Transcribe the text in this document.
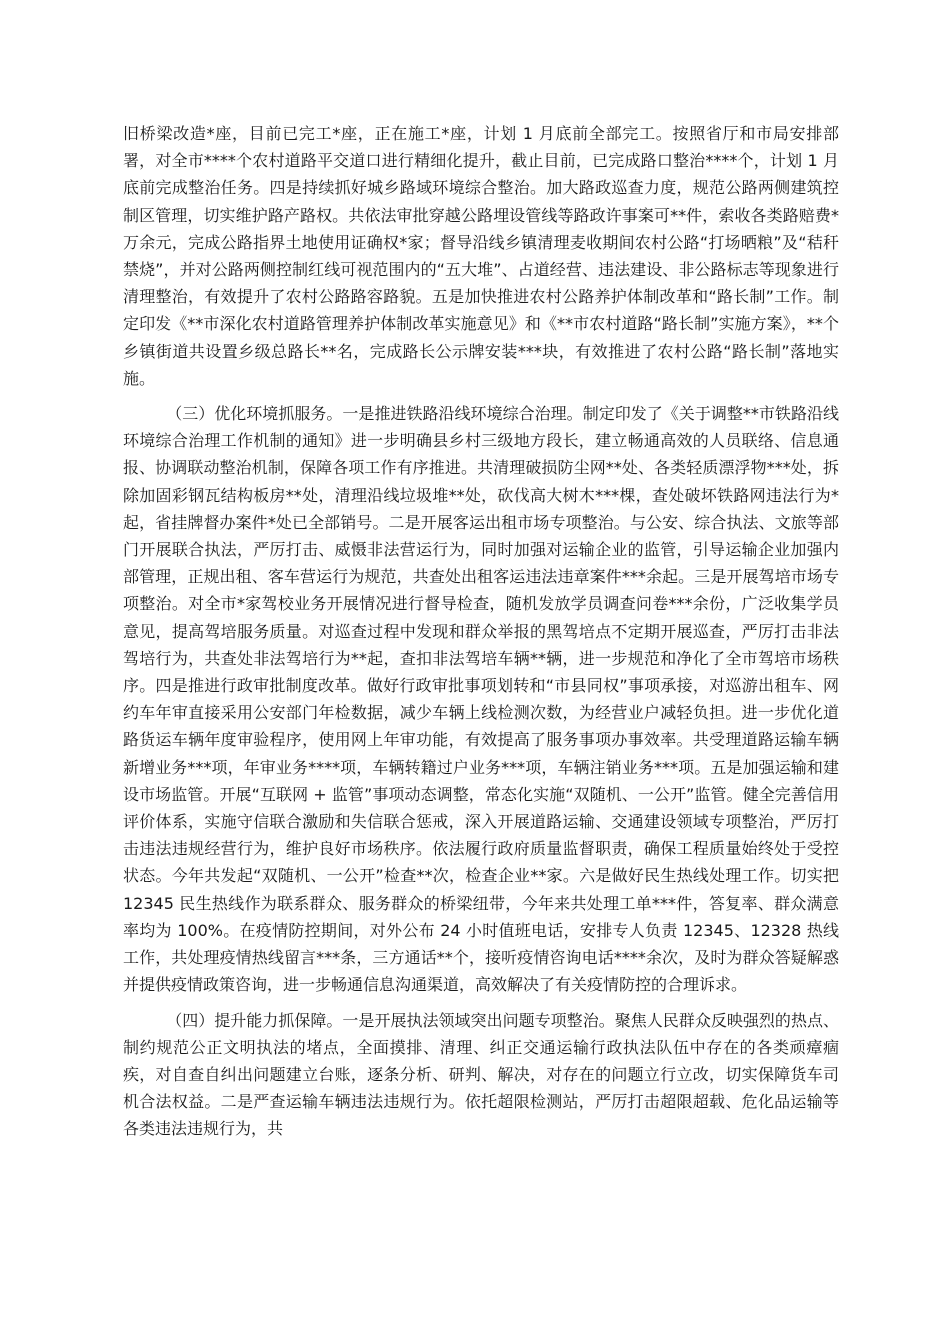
旧桥梁改造*座，目前已完工*座，正在施工*座，计划 1 月底前全部完工。按照省厅和市局安排部署，对全市****个农村道路平交道口进行精细化提升，截止目前，已完成路口整治****个，计划 1 月底前完成整治任务。四是持续抓好城乡路域环境综合整治。加大路政巡查力度，规范公路两侧建筑控制区管理，切实维护路产路权。共依法审批穿越公路埋设管线等路政许事案可**件，索收各类路赔费*万余元，完成公路指界土地使用证确权*家；督导沿线乡镇清理麦收期间农村公路“打场晒粮”及“秸秆禁烧”，并对公路两侧控制红线可视范围内的“五大堆”、占道经营、违法建设、非公路标志等现象进行清理整治，有效提升了农村公路路容路貌。五是加快推进农村公路养护体制改革和“路长制”工作。制定印发《**市深化农村道路管理养护体制改革实施意见》和《**市农村道路“路长制”实施方案》，**个乡镇街道共设置乡级总路长**名，完成路长公示牌安装***块，有效推进了农村公路“路长制”落地实施。

（三）优化环境抓服务。一是推进铁路沿线环境综合治理。制定印发了《关于调整**市铁路沿线环境综合治理工作机制的通知》进一步明确县乡村三级地方段长，建立畅通高效的人员联络、信息通报、协调联动整治机制，保障各项工作有序推进。共清理破损防尘网**处、各类轻质漂浮物***处，拆除加固彩钢瓦结构板房**处，清理沿线垃圾堆**处，砍伐高大树木***棵，查处破坏铁路网违法行为*起，省挂牌督办案件*处已全部销号。二是开展客运出租市场专项整治。与公安、综合执法、文旅等部门开展联合执法，严厉打击、威慑非法营运行为，同时加强对运输企业的监管，引导运输企业加强内部管理，正规出租、客车营运行为规范，共查处出租客运违法违章案件***余起。三是开展驾培市场专项整治。对全市*家驾校业务开展情况进行督导检查，随机发放学员调查问卷***余份，广泛收集学员意见，提高驾培服务质量。对巡查过程中发现和群众举报的黑驾培点不定期开展巡查，严厉打击非法驾培行为，共查处非法驾培行为**起，查扣非法驾培车辆**辆，进一步规范和净化了全市驾培市场秩序。四是推进行政审批制度改革。做好行政审批事项划转和“市县同权”事项承接，对巡游出租车、网约车年审直接采用公安部门年检数据，减少车辆上线检测次数，为经营业户减轻负担。进一步优化道路货运车辆年度审验程序，使用网上年审功能，有效提高了服务事项办事效率。共受理道路运输车辆新增业务***项，年审业务****项，车辆转籍过户业务***项，车辆注销业务***项。五是加强运输和建设市场监管。开展“互联网 + 监管”事项动态调整，常态化实施“双随机、一公开”监管。健全完善信用评价体系，实施守信联合激励和失信联合惩戒，深入开展道路运输、交通建设领域专项整治，严厉打击违法违规经营行为，维护良好市场秩序。依法履行政府质量监督职责，确保工程质量始终处于受控状态。今年共发起“双随机、一公开”检查**次，检查企业**家。六是做好民生热线处理工作。切实把 12345 民生热线作为联系群众、服务群众的桥梁纽带，今年来共处理工单***件，答复率、群众满意率均为 100%。在疫情防控期间，对外公布 24 小时值班电话，安排专人负责 12345、12328 热线工作，共处理疫情热线留言***条，三方通话**个，接听疫情咨询电话****余次，及时为群众答疑解惑并提供疫情政策咨询，进一步畅通信息沟通渠道，高效解决了有关疫情防控的合理诉求。

（四）提升能力抓保障。一是开展执法领域突出问题专项整治。聚焦人民群众反映强烈的热点、制约规范公正文明执法的堵点，全面摸排、清理、纠正交通运输行政执法队伍中存在的各类顽瘴痼疾，对自查自纠出问题建立台账，逐条分析、研判、解决，对存在的问题立行立改，切实保障货车司机合法权益。二是严查运输车辆违法违规行为。依托超限检测站，严厉打击超限超载、危化品运输等各类违法违规行为，共
